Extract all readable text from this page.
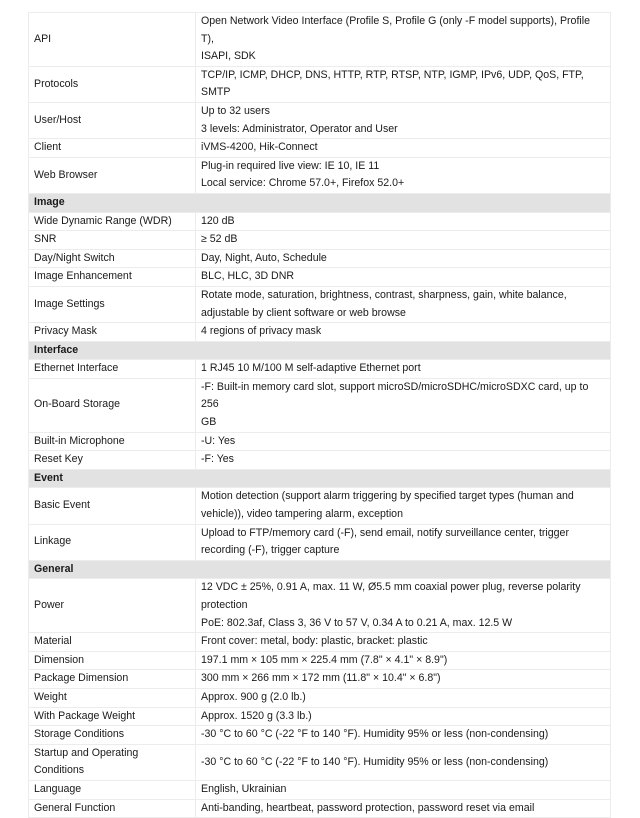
API	Open Network Video Interface (Profile S, Profile G (only -F model supports), Profile T),
ISAPI, SDK
Protocols	TCP/IP, ICMP, DHCP, DNS, HTTP, RTP, RTSP, NTP, IGMP, IPv6, UDP, QoS, FTP, SMTP
User/Host	Up to 32 users
3 levels: Administrator, Operator and User
Client	iVMS-4200, Hik-Connect
Web Browser	Plug-in required live view: IE 10, IE 11
Local service: Chrome 57.0+, Firefox 52.0+
Image	
Wide Dynamic Range (WDR)	120 dB
SNR	≥ 52 dB
Day/Night Switch	Day, Night, Auto, Schedule
Image Enhancement	BLC, HLC, 3D DNR
Image Settings	Rotate mode, saturation, brightness, contrast, sharpness, gain, white balance,
adjustable by client software or web browse
Privacy Mask	4 regions of privacy mask
Interface	
Ethernet Interface	1 RJ45 10 M/100 M self-adaptive Ethernet port
On-Board Storage	-F: Built-in memory card slot, support microSD/microSDHC/microSDXC card, up to 256
GB
Built-in Microphone	-U: Yes
Reset Key	-F: Yes
Event	
Basic Event	Motion detection (support alarm triggering by specified target types (human and
vehicle)), video tampering alarm, exception
Linkage	Upload to FTP/memory card (-F), send email, notify surveillance center, trigger
recording (-F), trigger capture
General	
Power	12 VDC ± 25%, 0.91 A, max. 11 W, Ø5.5 mm coaxial power plug, reverse polarity
protection
PoE: 802.3af, Class 3, 36 V to 57 V, 0.34 A to 0.21 A, max. 12.5 W
Material	Front cover: metal, body: plastic, bracket: plastic
Dimension	197.1 mm × 105 mm × 225.4 mm (7.8" × 4.1" × 8.9")
Package Dimension	300 mm × 266 mm × 172 mm (11.8" × 10.4" × 6.8")
Weight	Approx. 900 g (2.0 lb.)
With Package Weight	Approx. 1520 g (3.3 lb.)
Storage Conditions	-30 °C to 60 °C (-22 °F to 140 °F). Humidity 95% or less (non-condensing)
Startup and Operating
Conditions	-30 °C to 60 °C (-22 °F to 140 °F). Humidity 95% or less (non-condensing)
Language	English, Ukrainian
General Function	Anti-banding, heartbeat, password protection, password reset via email
